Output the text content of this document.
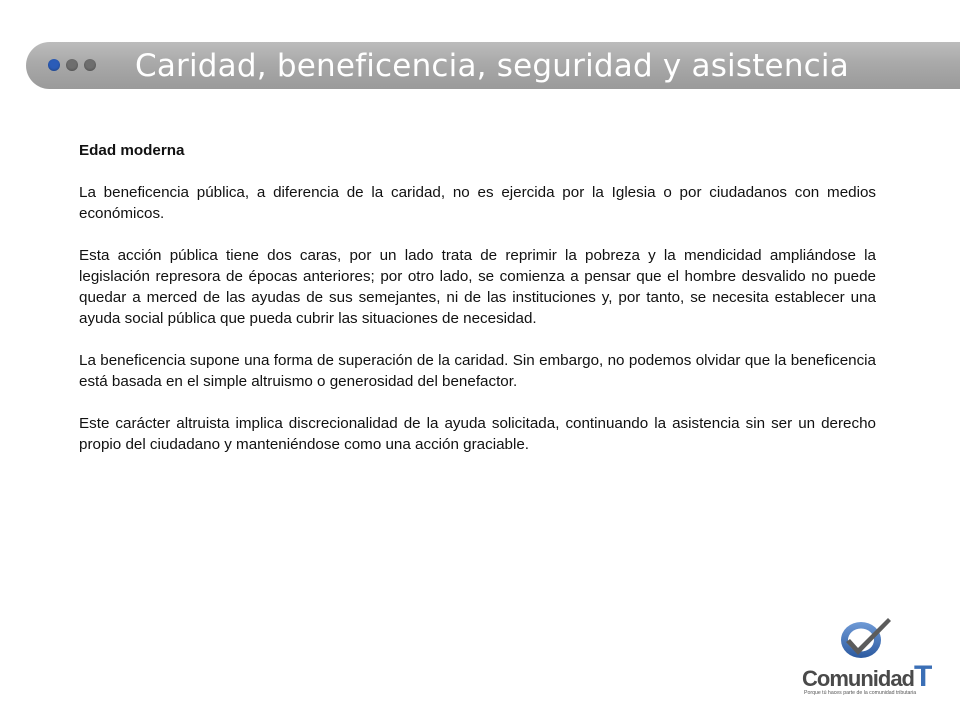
Caridad, beneficencia, seguridad y asistencia
Edad moderna

La beneficencia pública, a diferencia de la caridad, no es ejercida por la Iglesia o por ciudadanos con medios económicos.

Esta acción pública tiene dos caras, por un lado trata de reprimir la pobreza y la mendicidad ampliándose la legislación represora de épocas anteriores; por otro lado, se comienza a pensar que el hombre desvalido no puede quedar a merced de las ayudas de sus semejantes, ni de las instituciones y, por tanto, se necesita establecer una ayuda social pública que pueda cubrir las situaciones de necesidad.

La beneficencia supone una forma de superación de la caridad. Sin embargo, no podemos olvidar que la beneficencia está basada en el simple altruismo o generosidad del benefactor.

Este carácter altruista implica discrecionalidad de la ayuda solicitada, continuando la asistencia sin ser un derecho propio del ciudadano y manteniéndose como una acción graciable.

ComunidadT
Porque tú haces parte de la comunidad tributaria
